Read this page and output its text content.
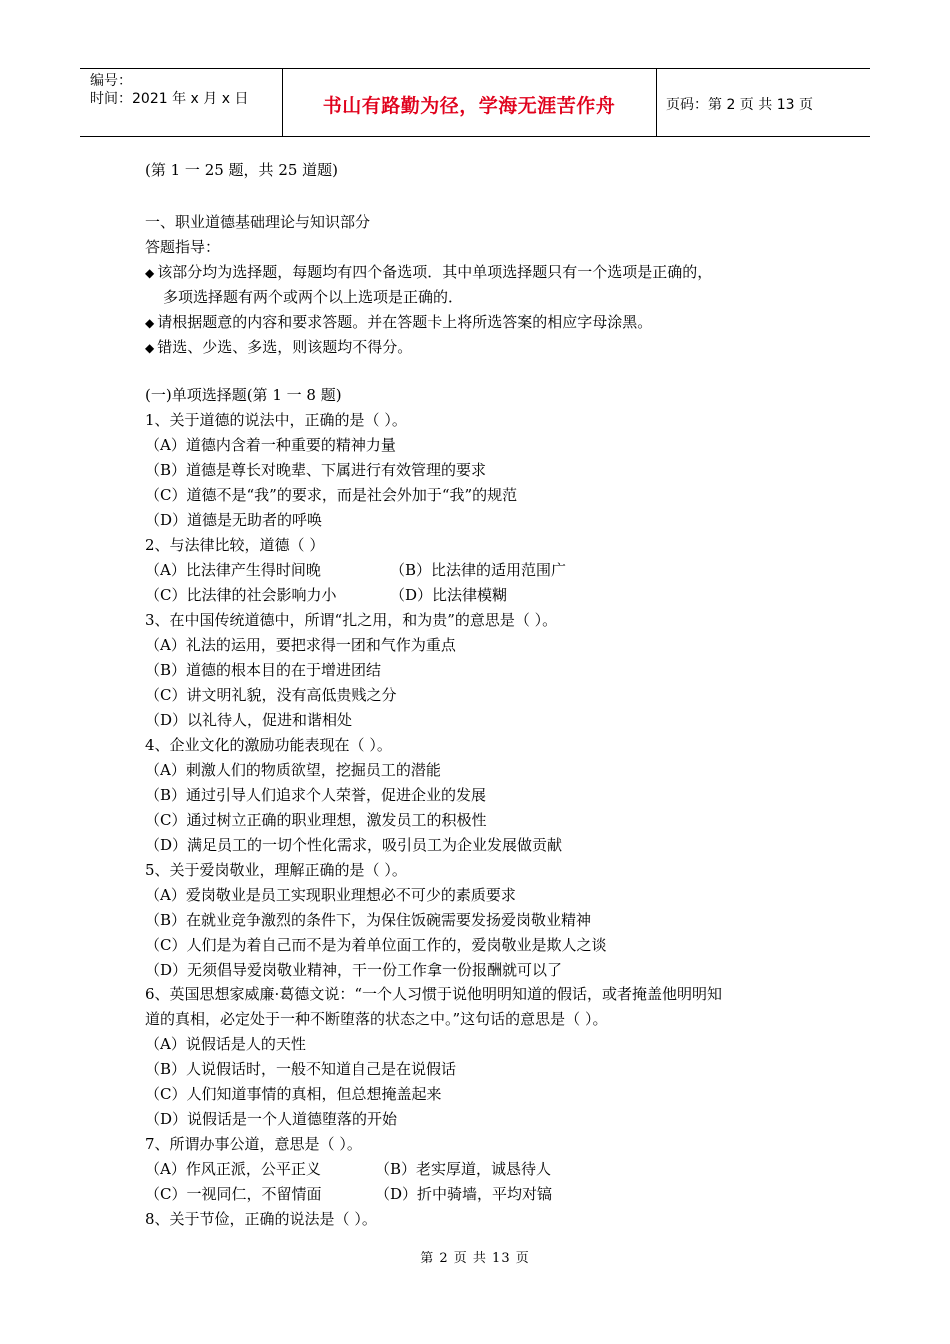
编号：
时间：2021 年 x 月 x 日	书山有路勤为径，学海无涯苦作舟	页码：第 2 页 共 13 页
(第 1 一 25 题，共 25 道题)
一、职业道德基础理论与知识部分
答题指导：
◆ 该部分均为选择题，每题均有四个备选项．其中单项选择题只有一个选项是正确的，
多项选择题有两个或两个以上选项是正确的．
◆ 请根据题意的内容和要求答题。并在答题卡上将所选答案的相应字母涂黑。
◆ 错选、少选、多选，则该题均不得分。
(一)单项选择题(第 1 一 8 题)
1、关于道德的说法中，正确的是（ ）。
（A）道德内含着一种重要的精神力量
（B）道德是尊长对晚辈、下属进行有效管理的要求
（C）道德不是“我”的要求，而是社会外加于“我”的规范
（D）道德是无助者的呼唤
2、与法律比较，道德（ ）
（A）比法律产生得时间晚	（B）比法律的适用范围广
（C）比法律的社会影响力小	（D）比法律模糊
3、在中国传统道德中，所谓“扎之用，和为贵”的意思是（ ）。
（A）礼法的运用，要把求得一团和气作为重点
（B）道德的根本目的在于增进团结
（C）讲文明礼貌，没有高低贵贱之分
（D）以礼待人，促进和谐相处
4、企业文化的激励功能表现在（ ）。
（A）刺激人们的物质欲望，挖掘员工的潜能
（B）通过引导人们追求个人荣誉，促进企业的发展
（C）通过树立正确的职业理想，激发员工的积极性
（D）满足员工的一切个性化需求，吸引员工为企业发展做贡献
5、关于爱岗敬业，理解正确的是（ ）。
（A）爱岗敬业是员工实现职业理想必不可少的素质要求
（B）在就业竞争激烈的条件下，为保住饭碗需要发扬爱岗敬业精神
（C）人们是为着自己而不是为着单位面工作的，爱岗敬业是欺人之谈
（D）无须倡导爱岗敬业精神，干一份工作拿一份报酬就可以了
6、英国思想家威廉·葛德文说：“一个人习惯于说他明明知道的假话，或者掩盖他明明知
道的真相，必定处于一种不断堕落的状态之中。”这句话的意思是（ ）。
（A）说假话是人的天性
（B）人说假话时，一般不知道自己是在说假话
（C）人们知道事情的真相，但总想掩盖起来
（D）说假话是一个人道德堕落的开始
7、所谓办事公道，意思是（ ）。
（A）作风正派，公平正义	（B）老实厚道，诚恳待人
（C）一视同仁，不留情面	（D）折中骑墙，平均对镐
8、关于节俭，正确的说法是（ ）。
第 2 页 共 13 页
